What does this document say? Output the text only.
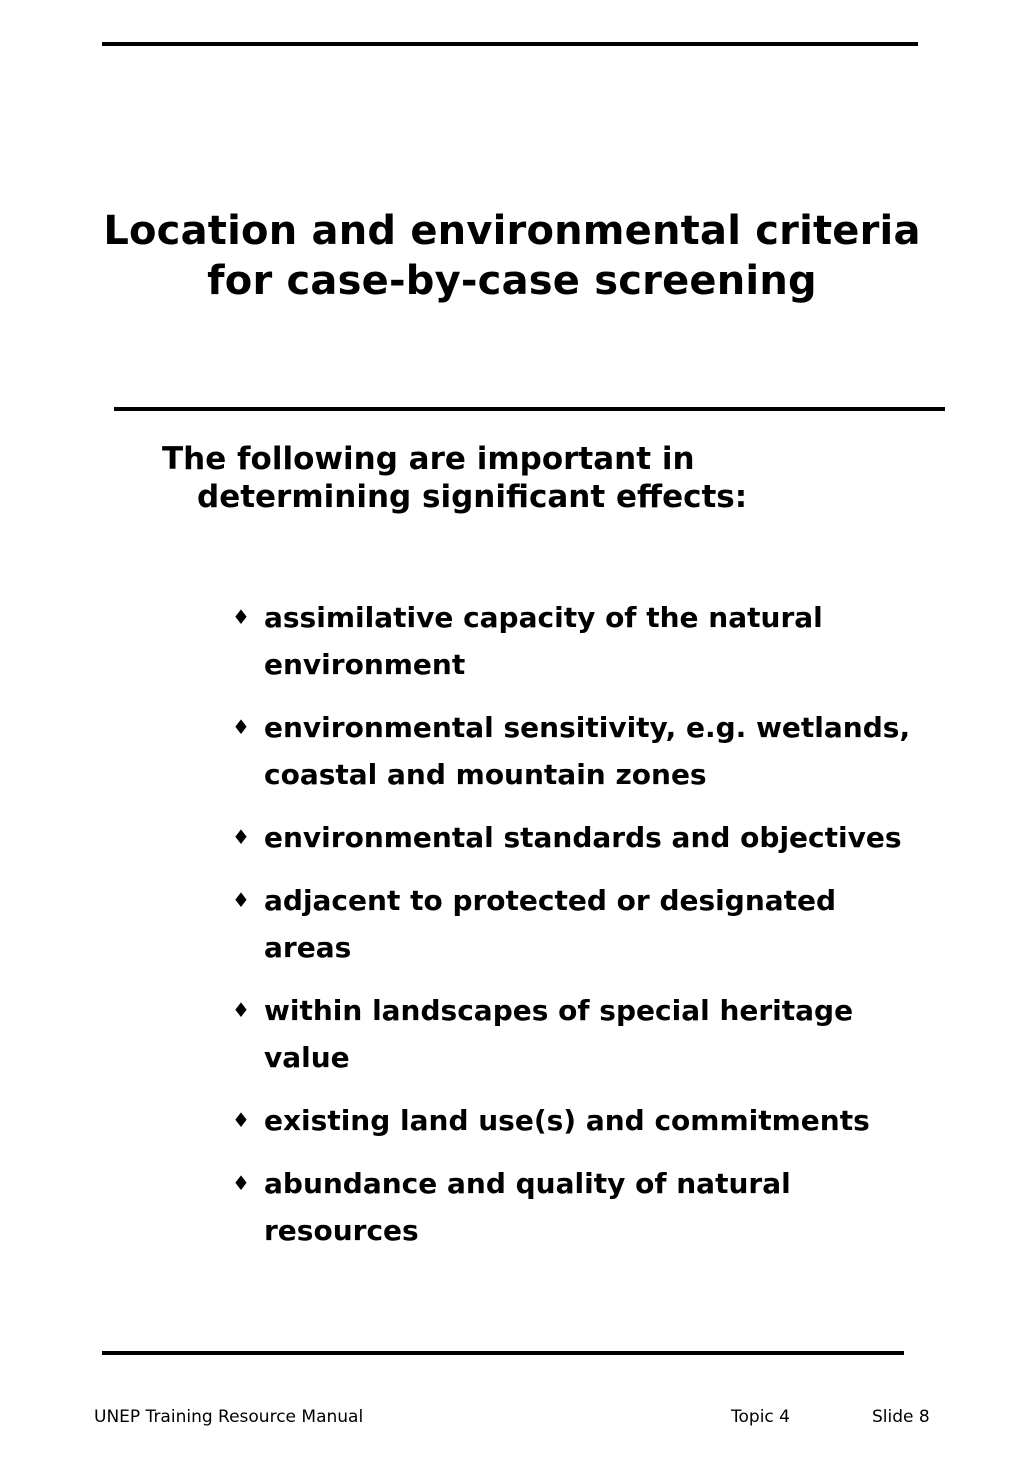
Location and environmental criteria
for case-by-case screening
The following are important in
determining significant effects:
♦ assimilative capacity of the natural
environment
♦ environmental sensitivity, e.g. wetlands,
coastal and mountain zones
♦ environmental standards and objectives
♦ adjacent to protected or designated
areas
♦ within landscapes of special heritage
value
♦ existing land use(s) and commitments
♦ abundance and quality of natural
resources
UNEP Training Resource Manual	Topic 4	Slide 8
